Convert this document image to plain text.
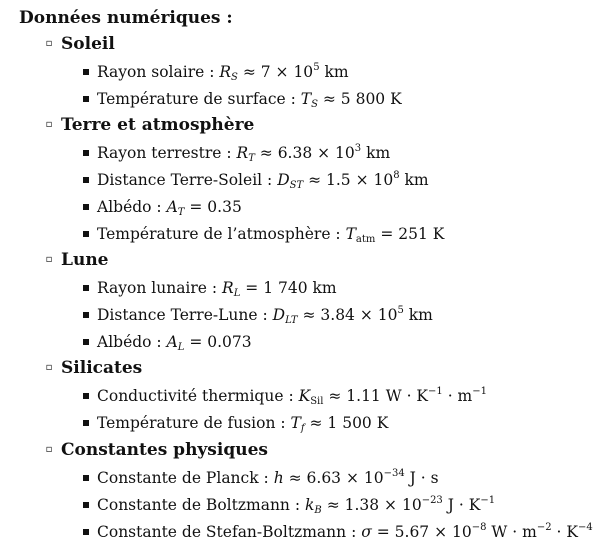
Données numériques :
▫ Soleil
Rayon solaire : $R_S \approx 7 \times 10^5$ km
Température de surface : $T_S \approx 5$ 800 K
▫ Terre et atmosphère
Rayon terrestre : $R_T \approx 6.38 \times 10^3$ km
Distance Terre-Soleil : $D_{ST} \approx 1.5 \times 10^8$ km
Albédo : $A_T = 0.35$
Température de l’atmosphère : $T_{atm} = 251$ K
▫ Lune
Rayon lunaire : $R_L = 1$ 740 km
Distance Terre-Lune : $D_{LT} \approx 3.84 \times 10^5$ km
Albédo : $A_L = 0.073$
▫ Silicates
Conductivité thermique : $K_{Sil} \approx 1.11$ $W \cdot K^{-1} \cdot m^{-1}$
Température de fusion : $T_f \approx 1$ 500 K
▫ Constantes physiques
Constante de Planck : $h \approx 6.63 \times 10^{-34}$ J · s
Constante de Boltzmann : $k_B \approx 1.38 \times 10^{-23}$ $J \cdot K^{-1}$
Constante de Stefan-Boltzmann : $\sigma = 5.67 \times 10^{-8}$ $W \cdot m^{-2} \cdot K^{-4}$
